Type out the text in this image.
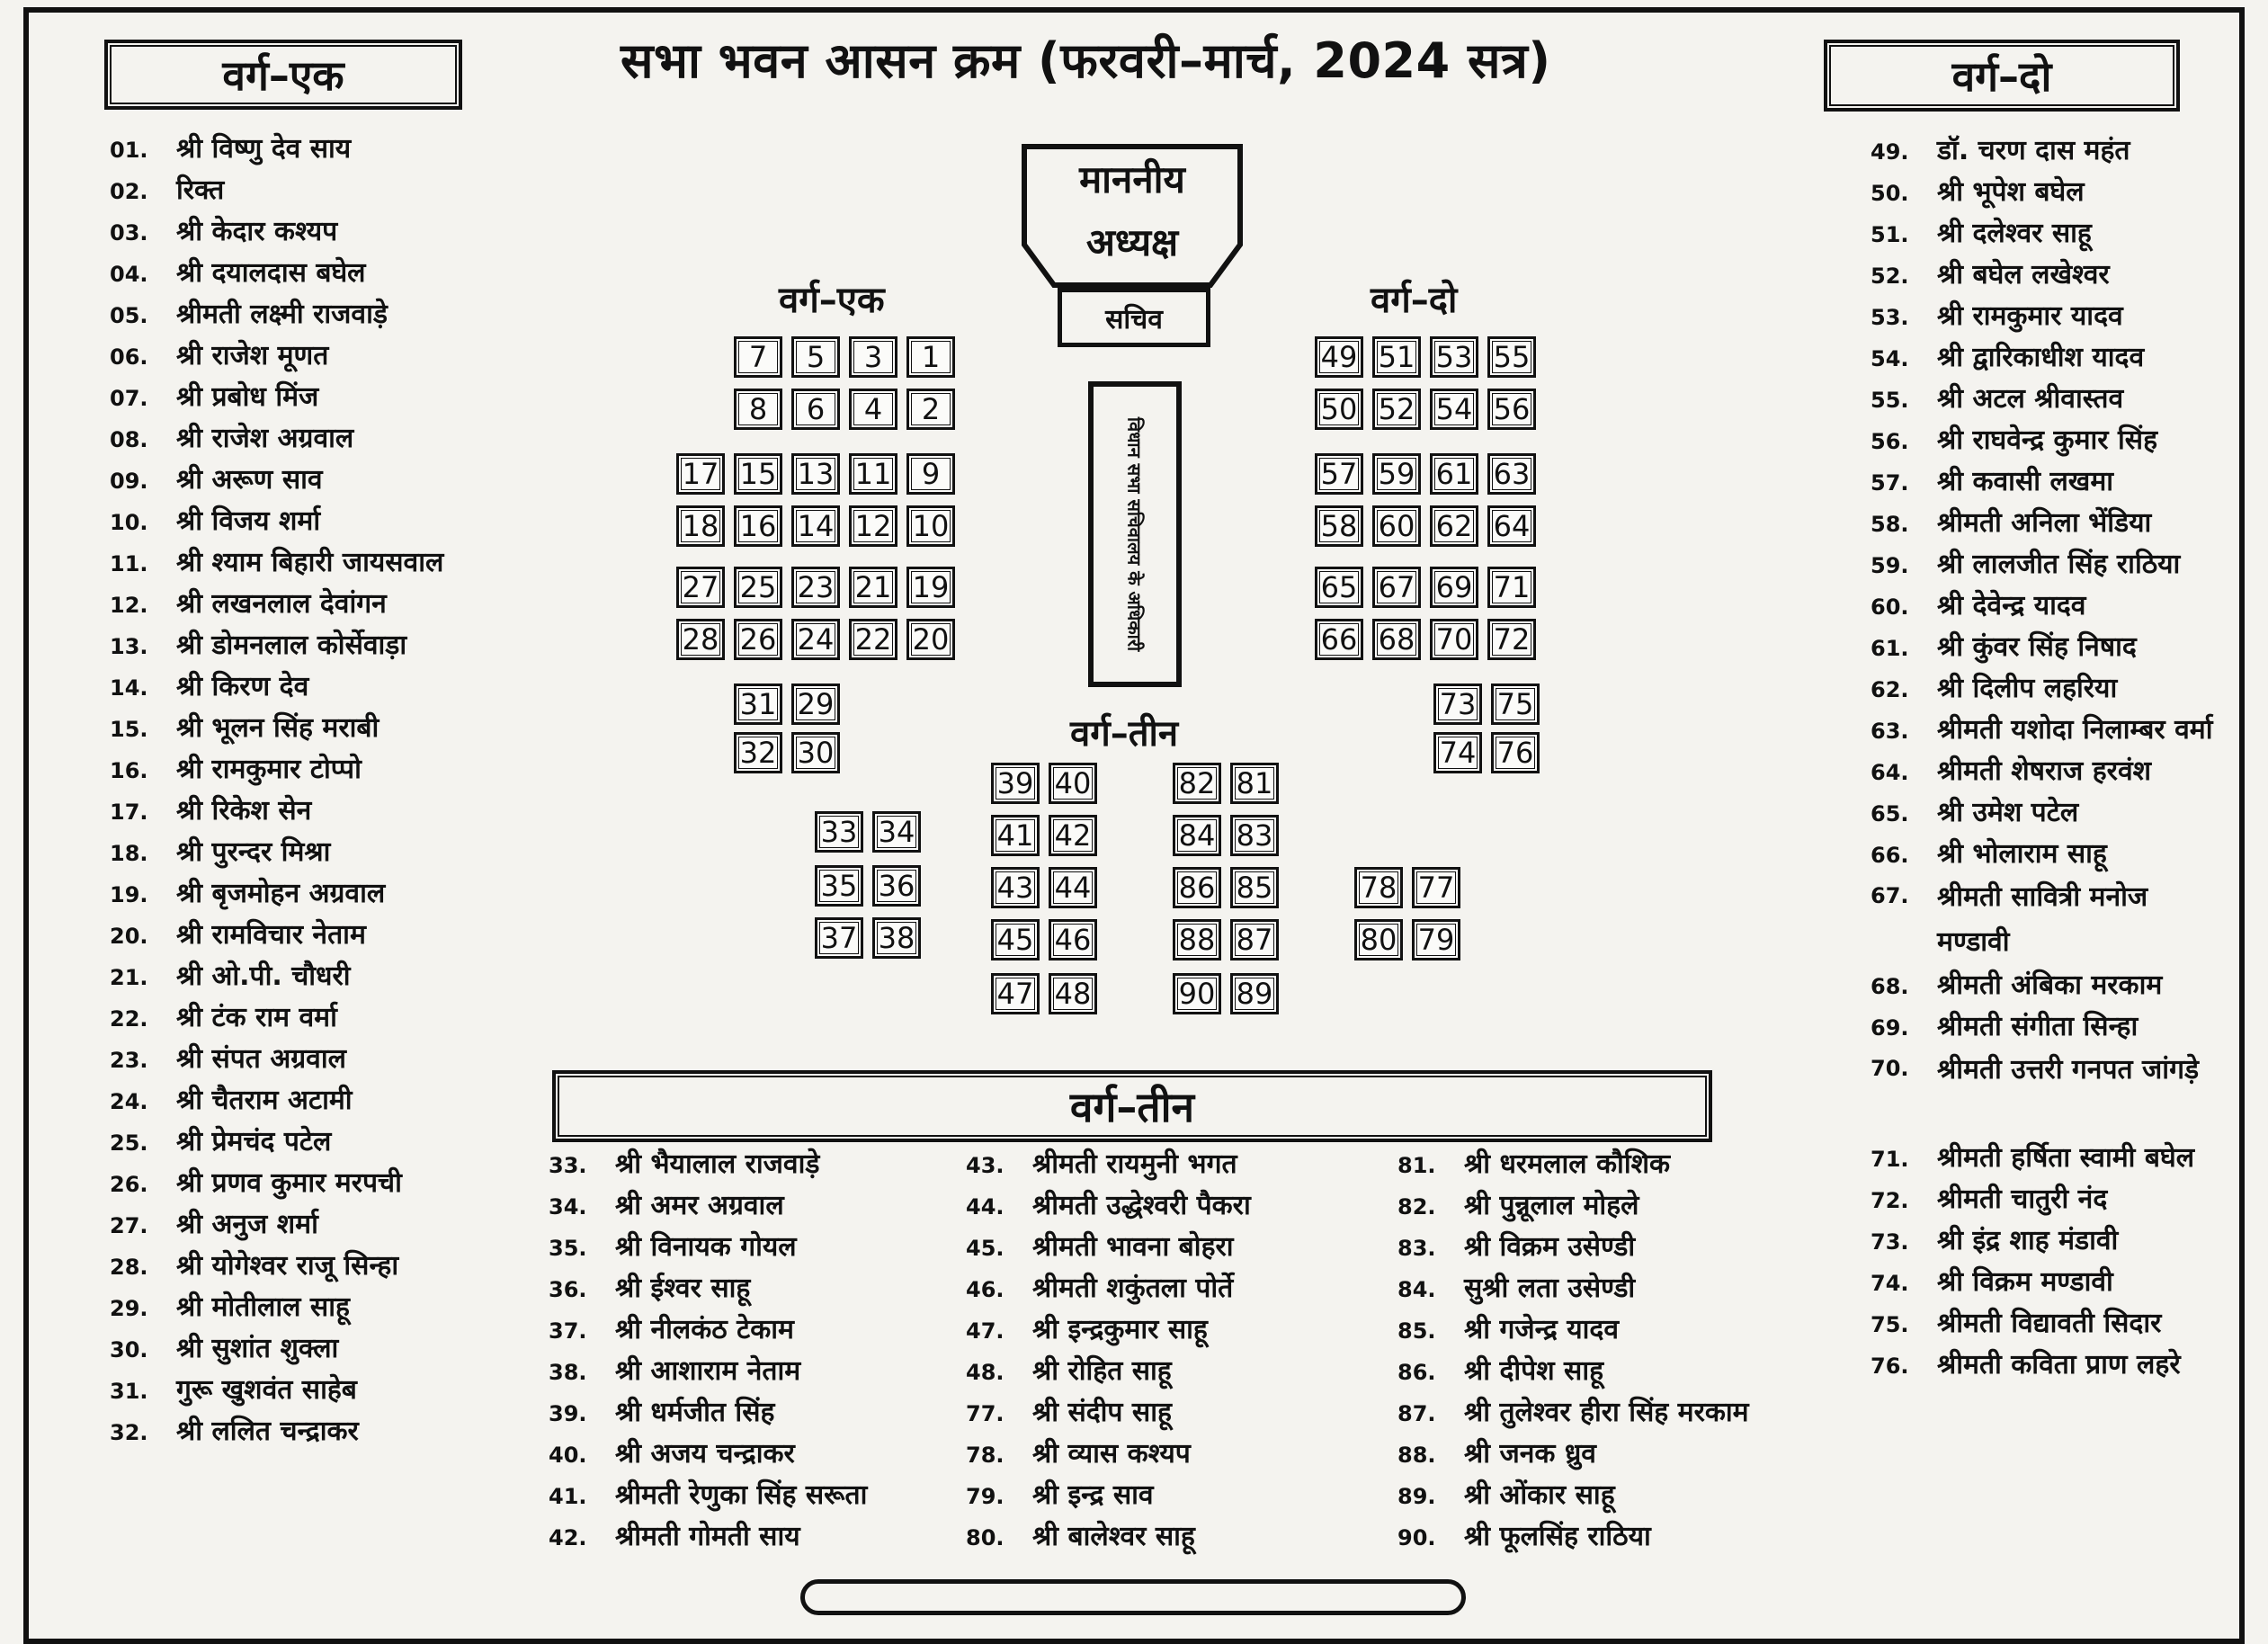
वर्ग–एक	वर्ग–दो
सभा भवन आसन क्रम (फरवरी–मार्च, 2024 सत्र)
01.	श्री विष्णु देव साय
02.	रिक्त
03.	श्री केदार कश्यप
04.	श्री दयालदास बघेल
05.	श्रीमती लक्ष्मी राजवाड़े
06.	श्री राजेश मूणत
07.	श्री प्रबोध मिंज
08.	श्री राजेश अग्रवाल
09.	श्री अरूण साव
10.	श्री विजय शर्मा
11.	श्री श्याम बिहारी जायसवाल
12.	श्री लखनलाल देवांगन
13.	श्री डोमनलाल कोर्सेवाड़ा
14.	श्री किरण देव
15.	श्री भूलन सिंह मराबी
16.	श्री रामकुमार टोप्पो
17.	श्री रिकेश सेन
18.	श्री पुरन्दर मिश्रा
19.	श्री बृजमोहन अग्रवाल
20.	श्री रामविचार नेताम
21.	श्री ओ.पी. चौधरी
22.	श्री टंक राम वर्मा
23.	श्री संपत अग्रवाल
24.	श्री चैतराम अटामी
25.	श्री प्रेमचंद पटेल
26.	श्री प्रणव कुमार मरपची
27.	श्री अनुज शर्मा
28.	श्री योगेश्वर राजू सिन्हा
29.	श्री मोतीलाल साहू
30.	श्री सुशांत शुक्ला
31.	गुरू खुशवंत साहेब
32.	श्री ललित चन्द्राकर
49.	डॉ. चरण दास महंत
50.	श्री भूपेश बघेल
51.	श्री दलेश्वर साहू
52.	श्री बघेल लखेश्वर
53.	श्री रामकुमार यादव
54.	श्री द्वारिकाधीश यादव
55.	श्री अटल श्रीवास्तव
56.	श्री राघवेन्द्र कुमार सिंह
57.	श्री कवासी लखमा
58.	श्रीमती अनिला भेंडिया
59.	श्री लालजीत सिंह राठिया
60.	श्री देवेन्द्र यादव
61.	श्री कुंवर सिंह निषाद
62.	श्री दिलीप लहरिया
63.	श्रीमती यशोदा निलाम्बर वर्मा
64.	श्रीमती शेषराज हरवंश
65.	श्री उमेश पटेल
66.	श्री भोलाराम साहू
67.	श्रीमती सावित्री मनोज मण्डावी
68.	श्रीमती अंबिका मरकाम
69.	श्रीमती संगीता सिन्हा
70.	श्रीमती उत्तरी गनपत जांगड़े
71.	श्रीमती हर्षिता स्वामी बघेल
72.	श्रीमती चातुरी नंद
73.	श्री इंद्र शाह मंडावी
74.	श्री विक्रम मण्डावी
75.	श्रीमती विद्यावती सिदार
76.	श्रीमती कविता प्राण लहरे
वर्ग–तीन
33.	श्री भैयालाल राजवाड़े
34.	श्री अमर अग्रवाल
35.	श्री विनायक गोयल
36.	श्री ईश्वर साहू
37.	श्री नीलकंठ टेकाम
38.	श्री आशाराम नेताम
39.	श्री धर्मजीत सिंह
40.	श्री अजय चन्द्राकर
41.	श्रीमती रेणुका सिंह सरूता
42.	श्रीमती गोमती साय
43.	श्रीमती रायमुनी भगत
44.	श्रीमती उद्धेश्वरी पैकरा
45.	श्रीमती भावना बोहरा
46.	श्रीमती शकुंतला पोर्ते
47.	श्री इन्द्रकुमार साहू
48.	श्री रोहित साहू
77.	श्री संदीप साहू
78.	श्री व्यास कश्यप
79.	श्री इन्द्र साव
80.	श्री बालेश्वर साहू
81.	श्री धरमलाल कौशिक
82.	श्री पुन्नूलाल मोहले
83.	श्री विक्रम उसेण्डी
84.	सुश्री लता उसेण्डी
85.	श्री गजेन्द्र यादव
86.	श्री दीपेश साहू
87.	श्री तुलेश्वर हीरा सिंह मरकाम
88.	श्री जनक ध्रुव
89.	श्री ओंकार साहू
90.	श्री फूलसिंह राठिया
माननीय
अध्यक्ष
सचिव
विधान सभा सचिवालय के अधिकारी
वर्ग–एक	वर्ग–दो
वर्ग–तीन
7	5	3	1
8	6	4	2
17 15 13 11	9
18 16 14 12 10
27 25 23 21 19
28 26 24 22 20
31 29
32 30
49 51 53 55
50 52 54 56
57 59 61 63
58 60 62 64
65 67 69 71
66 68 70 72
73 75
74 76
33 34
35 36
37 38
39 40
41 42
43 44
45 46
47 48
82 81
84 83
86 85
88 87
90 89
78 77
80 79
